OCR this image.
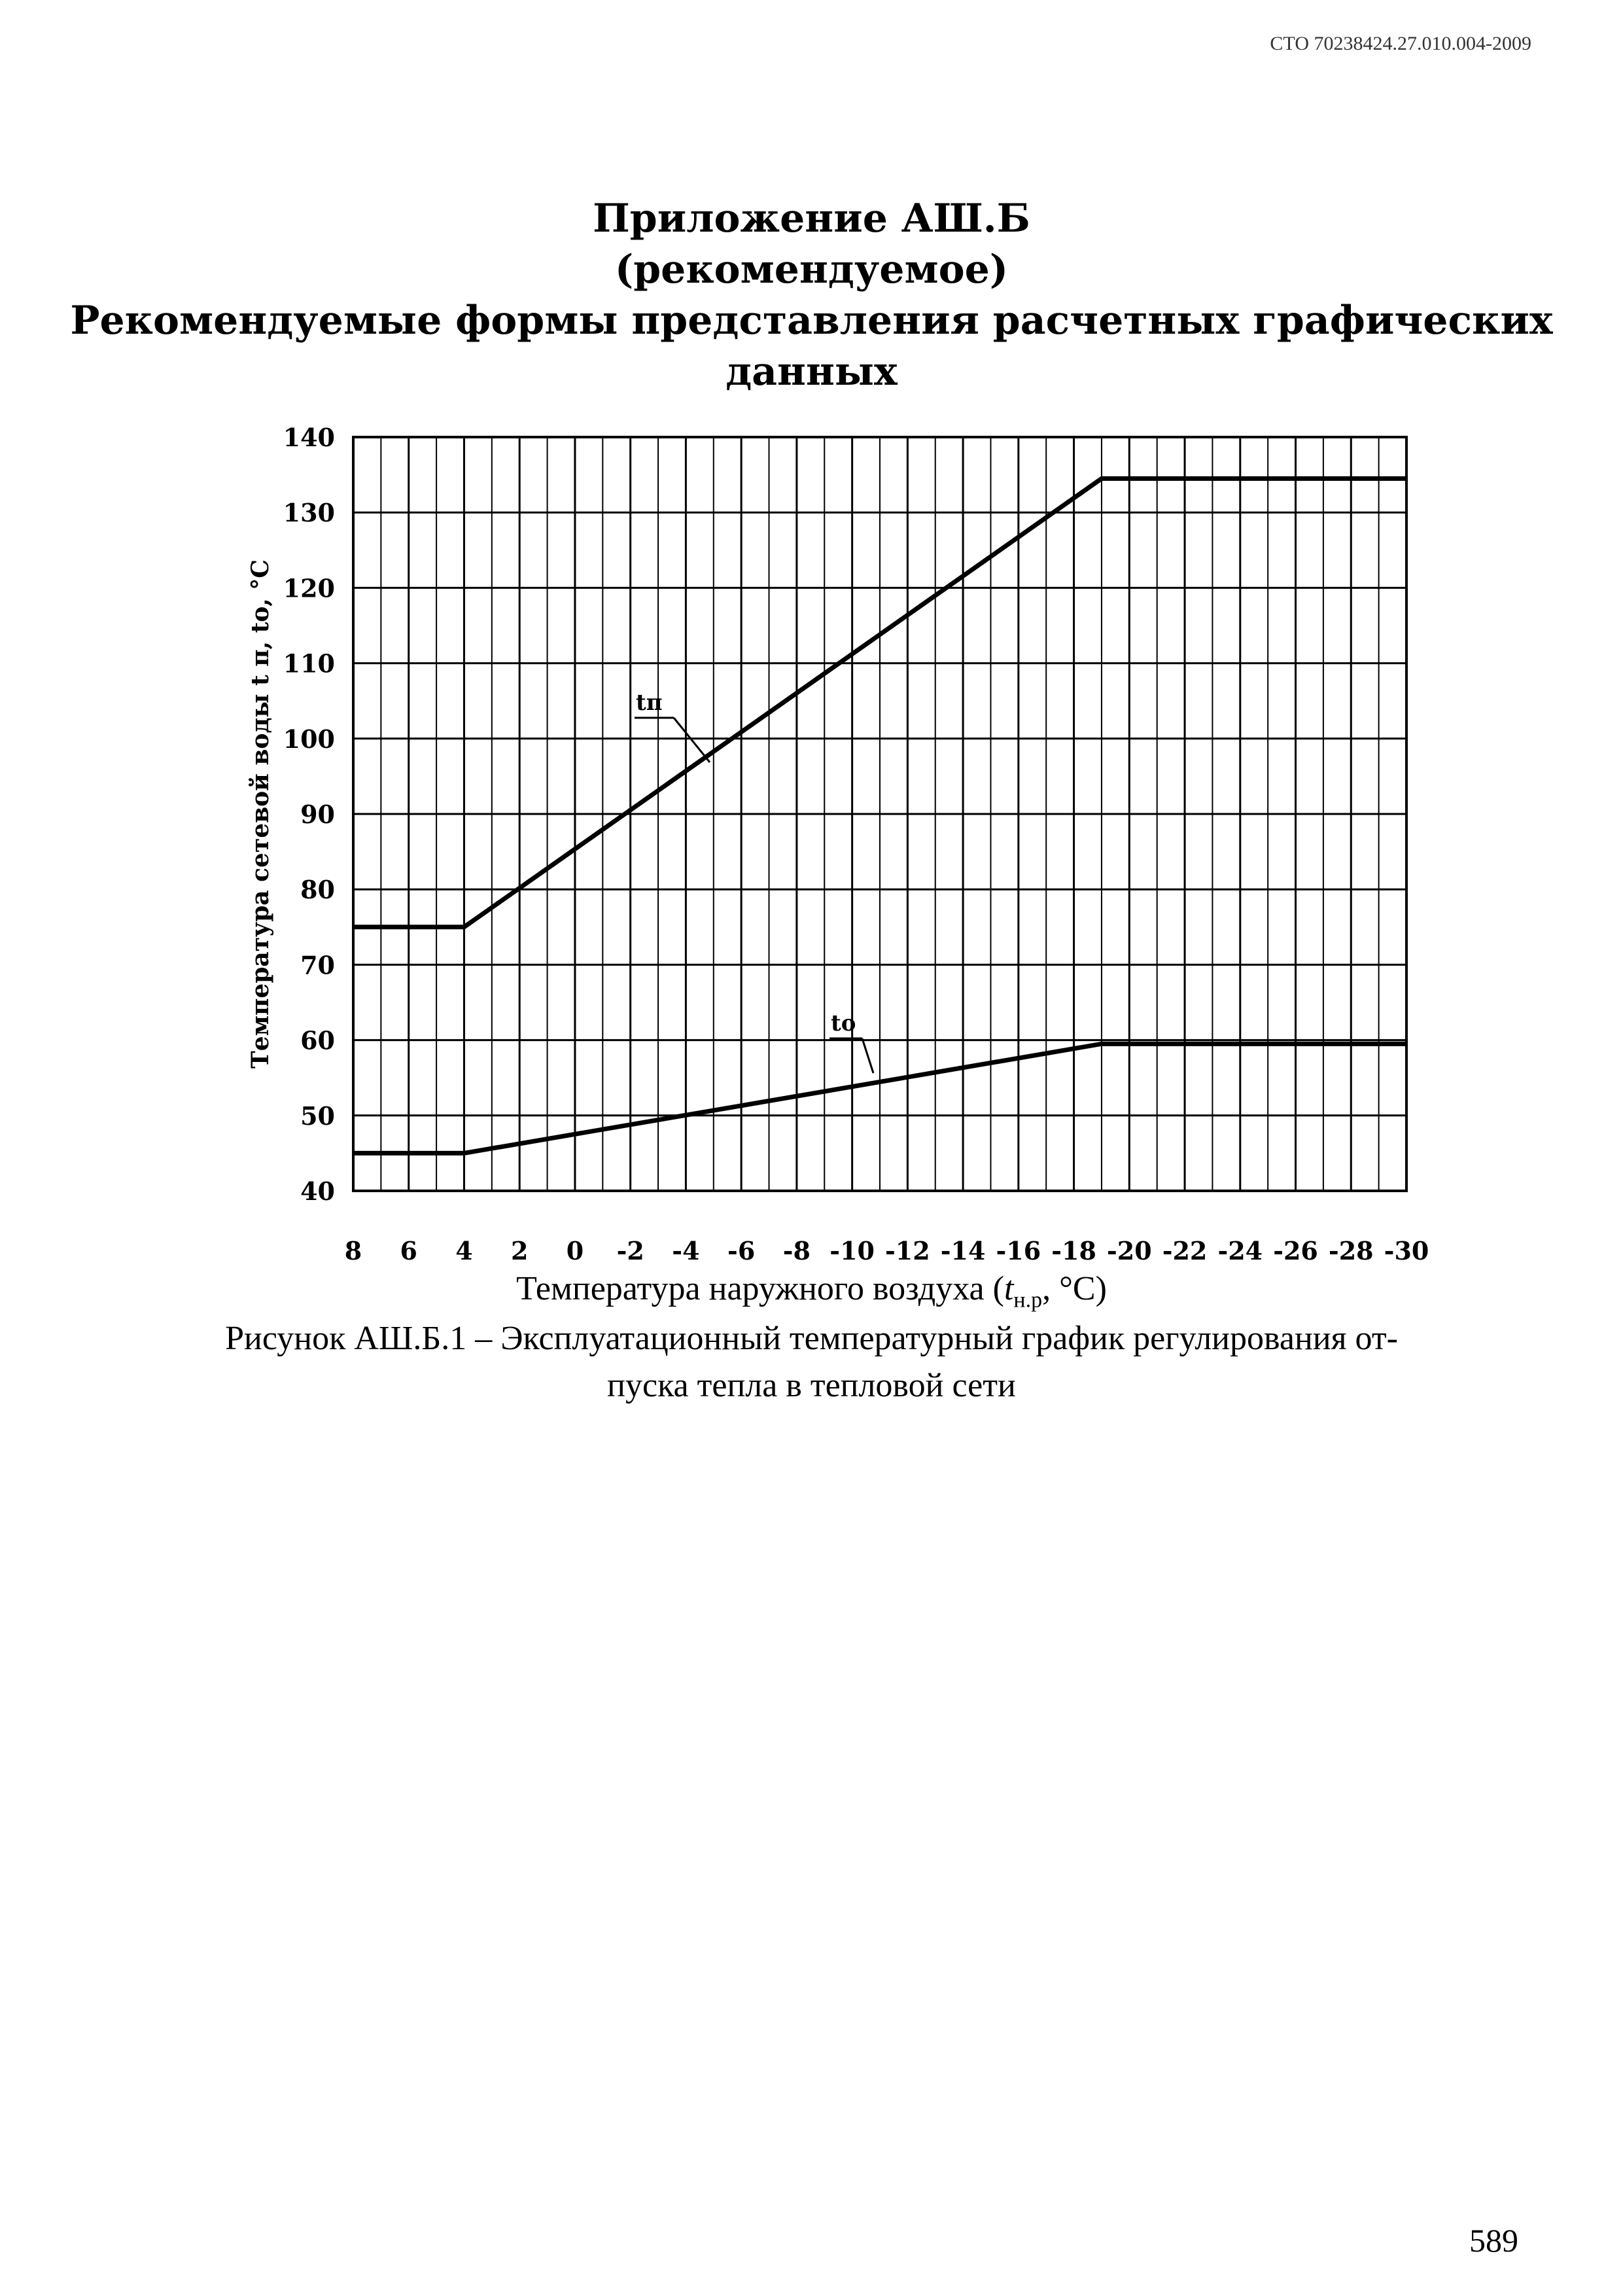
СТО 70238424.27.010.004-2009
Приложение АШ.Б
(рекомендуемое)
Рекомендуемые формы представления расчетных графических
данных
140
130
120
110
100
90
80
70
60
50
40
8 6 4 2 0 -2 -4 -6 -8 -10 -12 -14 -16 -18 -20 -22 -24 -26 -28 -30
Температура сетевой воды t п, tо, °С	tп
tо
Температура наружного воздуха ($t_{н.р}$, °С)
Рисунок АШ.Б.1 – Эксплуатационный температурный график регулирования от-
пуска тепла в тепловой сети
589
